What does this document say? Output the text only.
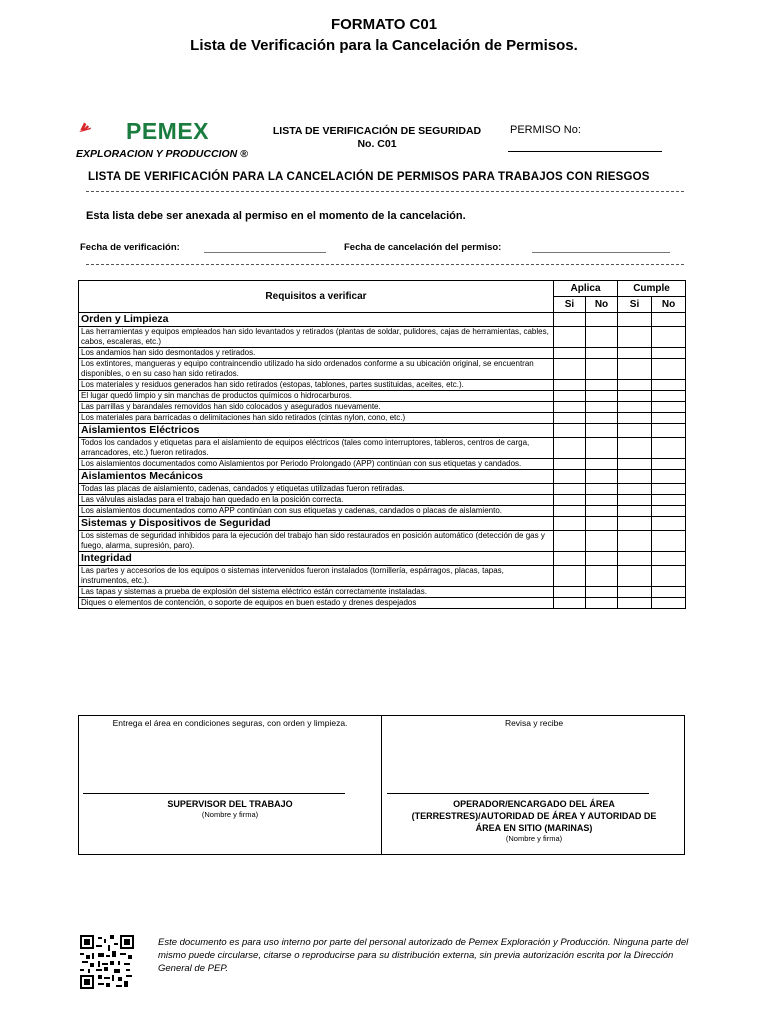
FORMATO C01
Lista de Verificación para la Cancelación de Permisos.
PEMEX
EXPLORACION Y PRODUCCION ®
LISTA DE VERIFICACIÓN DE SEGURIDAD
No. C01
PERMISO No:
LISTA DE VERIFICACIÓN PARA LA CANCELACIÓN DE PERMISOS PARA TRABAJOS CON RIESGOS
Esta lista debe ser anexada al permiso en el momento de la cancelación.
Fecha de verificación:	Fecha de cancelación del permiso:
Requisitos a verificar	Aplica		Cumple	
	Si	No	Si	No
Orden y Limpieza				
Las herramientas y equipos empleados han sido levantados y retirados (plantas de soldar, pulidores, cajas de herramientas, cables, cabos, escaleras, etc.)				
Los andamios han sido desmontados y retirados.				
Los extintores, mangueras y equipo contraincendio utilizado ha sido ordenados conforme a su ubicación original, se encuentran disponibles, o en su caso han sido retirados.				
Los materiales y residuos generados han sido retirados (estopas, tablones, partes sustituidas, aceites, etc.).				
El lugar quedó limpio y sin manchas de productos químicos o hidrocarburos.				
Las parrillas y barandales removidos han sido colocados y asegurados nuevamente.				
Los materiales para barricadas o delimitaciones han sido retirados (cintas nylon, cono, etc.)				
Aislamientos Eléctricos				
Todos los candados y etiquetas para el aislamiento de equipos eléctricos (tales como interruptores, tableros, centros de carga, arrancadores, etc.) fueron retirados.				
Los aislamientos documentados como Aislamientos por Periodo Prolongado (APP) continúan con sus etiquetas y candados.				
Aislamientos Mecánicos				
Todas las placas de aislamiento, cadenas, candados y etiquetas utilizadas fueron retiradas.				
Las válvulas aisladas para el trabajo han quedado en la posición correcta.				
Los aislamientos documentados como APP continúan con sus etiquetas y cadenas, candados o placas de aislamiento.				
Sistemas y Dispositivos de Seguridad				
Los sistemas de seguridad inhibidos para la ejecución del trabajo han sido restaurados en posición automático (detección de gas y fuego, alarma, supresión, paro).				
Integridad				
Las partes y accesorios de los equipos o sistemas intervenidos fueron instalados (tornillería, espárragos, placas, tapas, instrumentos, etc.).				
Las tapas y sistemas a prueba de explosión del sistema eléctrico están correctamente instaladas.				
Diques o elementos de contención, o soporte de equipos en buen estado y drenes despejados				
Entrega el área en condiciones seguras, con orden y limpieza.
SUPERVISOR DEL TRABAJO
(Nombre y firma)
Revisa y recibe
OPERADOR/ENCARGADO DEL ÁREA
(TERRESTRES)/AUTORIDAD DE ÁREA Y AUTORIDAD DE
ÁREA EN SITIO (MARINAS)
(Nombre y firma)
Este documento es para uso interno por parte del personal autorizado de Pemex Exploración y Producción. Ninguna parte del mismo puede circularse, citarse o reproducirse para su distribución externa, sin previa autorización escrita por la Dirección General de PEP.
